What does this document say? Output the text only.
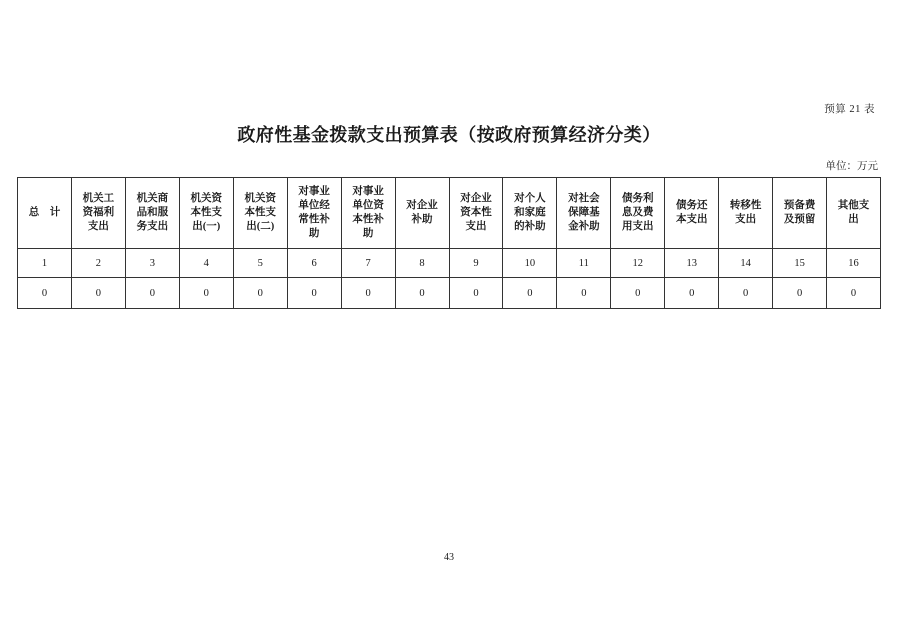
预算 21 表
政府性基金拨款支出预算表（按政府预算经济分类）
单位：万元
总　计	机关工资福利支出	机关商品和服务支出	机关资本性支出(一)	机关资本性支出(二)	对事业单位经常性补助	对事业单位资本性补助	对企业补助	对企业资本性支出	对个人和家庭的补助	对社会保障基金补助	债务利息及费用支出	债务还本支出	转移性支出	预备费及预留	其他支出
1	2	3	4	5	6	7	8	9	10	11	12	13	14	15	16
0	0	0	0	0	0	0	0	0	0	0	0	0	0	0	0
43
